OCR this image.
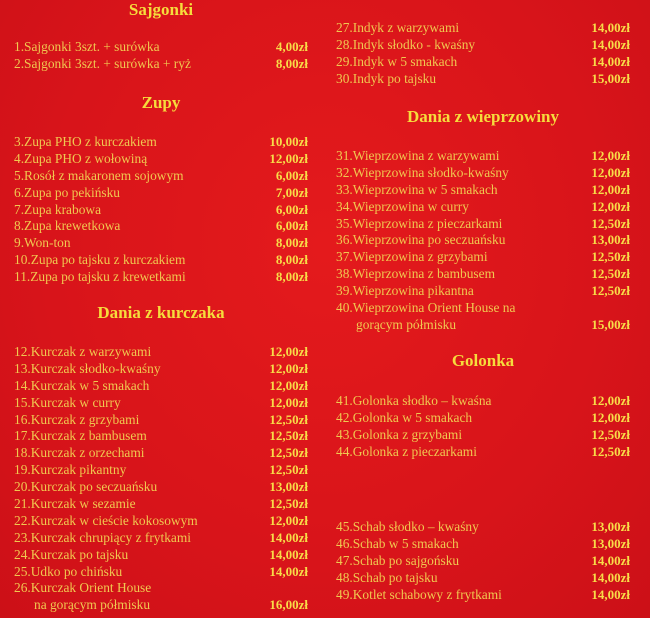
Sajgonki
1.Sajgonki 3szt. + surówka	4,00zł
2.Sajgonki 3szt. + surówka + ryż	8,00zł
Zupy
3.Zupa PHO z kurczakiem	10,00zł
4.Zupa PHO z wołowiną	12,00zł
5.Rosół z makaronem sojowym	6,00zł
6.Zupa po pekińsku	7,00zł
7.Zupa krabowa	6,00zł
8.Zupa krewetkowa	6,00zł
9.Won-ton	8,00zł
10.Zupa po tajsku z kurczakiem	8,00zł
11.Zupa po tajsku z krewetkami	8,00zł
Dania z kurczaka
12.Kurczak z warzywami	12,00zł
13.Kurczak słodko-kwaśny	12,00zł
14.Kurczak w 5 smakach	12,00zł
15.Kurczak w curry	12,00zł
16.Kurczak z grzybami	12,50zł
17.Kurczak z bambusem	12,50zł
18.Kurczak z orzechami	12,50zł
19.Kurczak pikantny	12,50zł
20.Kurczak po seczuańsku	13,00zł
21.Kurczak w sezamie	12,50zł
22.Kurczak w cieście kokosowym	12,00zł
23.Kurczak chrupiący z frytkami	14,00zł
24.Kurczak po tajsku	14,00zł
25.Udko po chińsku	14,00zł
26.Kurczak Orient House
na gorącym półmisku	16,00zł
27.Indyk z warzywami	14,00zł
28.Indyk słodko - kwaśny	14,00zł
29.Indyk w 5 smakach	14,00zł
30.Indyk po tajsku	15,00zł
Dania z wieprzowiny
31.Wieprzowina z warzywami	12,00zł
32.Wieprzowina słodko-kwaśny	12,00zł
33.Wieprzowina w 5 smakach	12,00zł
34.Wieprzowina w curry	12,00zł
35.Wieprzowina z pieczarkami	12,50zł
36.Wieprzowina po seczuańsku	13,00zł
37.Wieprzowina z grzybami	12,50zł
38.Wieprzowina z bambusem	12,50zł
39.Wieprzowina pikantna	12,50zł
40.Wieprzowina Orient House na
gorącym półmisku	15,00zł
Golonka
41.Golonka słodko – kwaśna	12,00zł
42.Golonka w 5 smakach	12,00zł
43.Golonka z grzybami	12,50zł
44.Golonka z pieczarkami	12,50zł
45.Schab słodko – kwaśny	13,00zł
46.Schab w 5 smakach	13,00zł
47.Schab po sajgońsku	14,00zł
48.Schab po tajsku	14,00zł
49.Kotlet schabowy z frytkami	14,00zł
